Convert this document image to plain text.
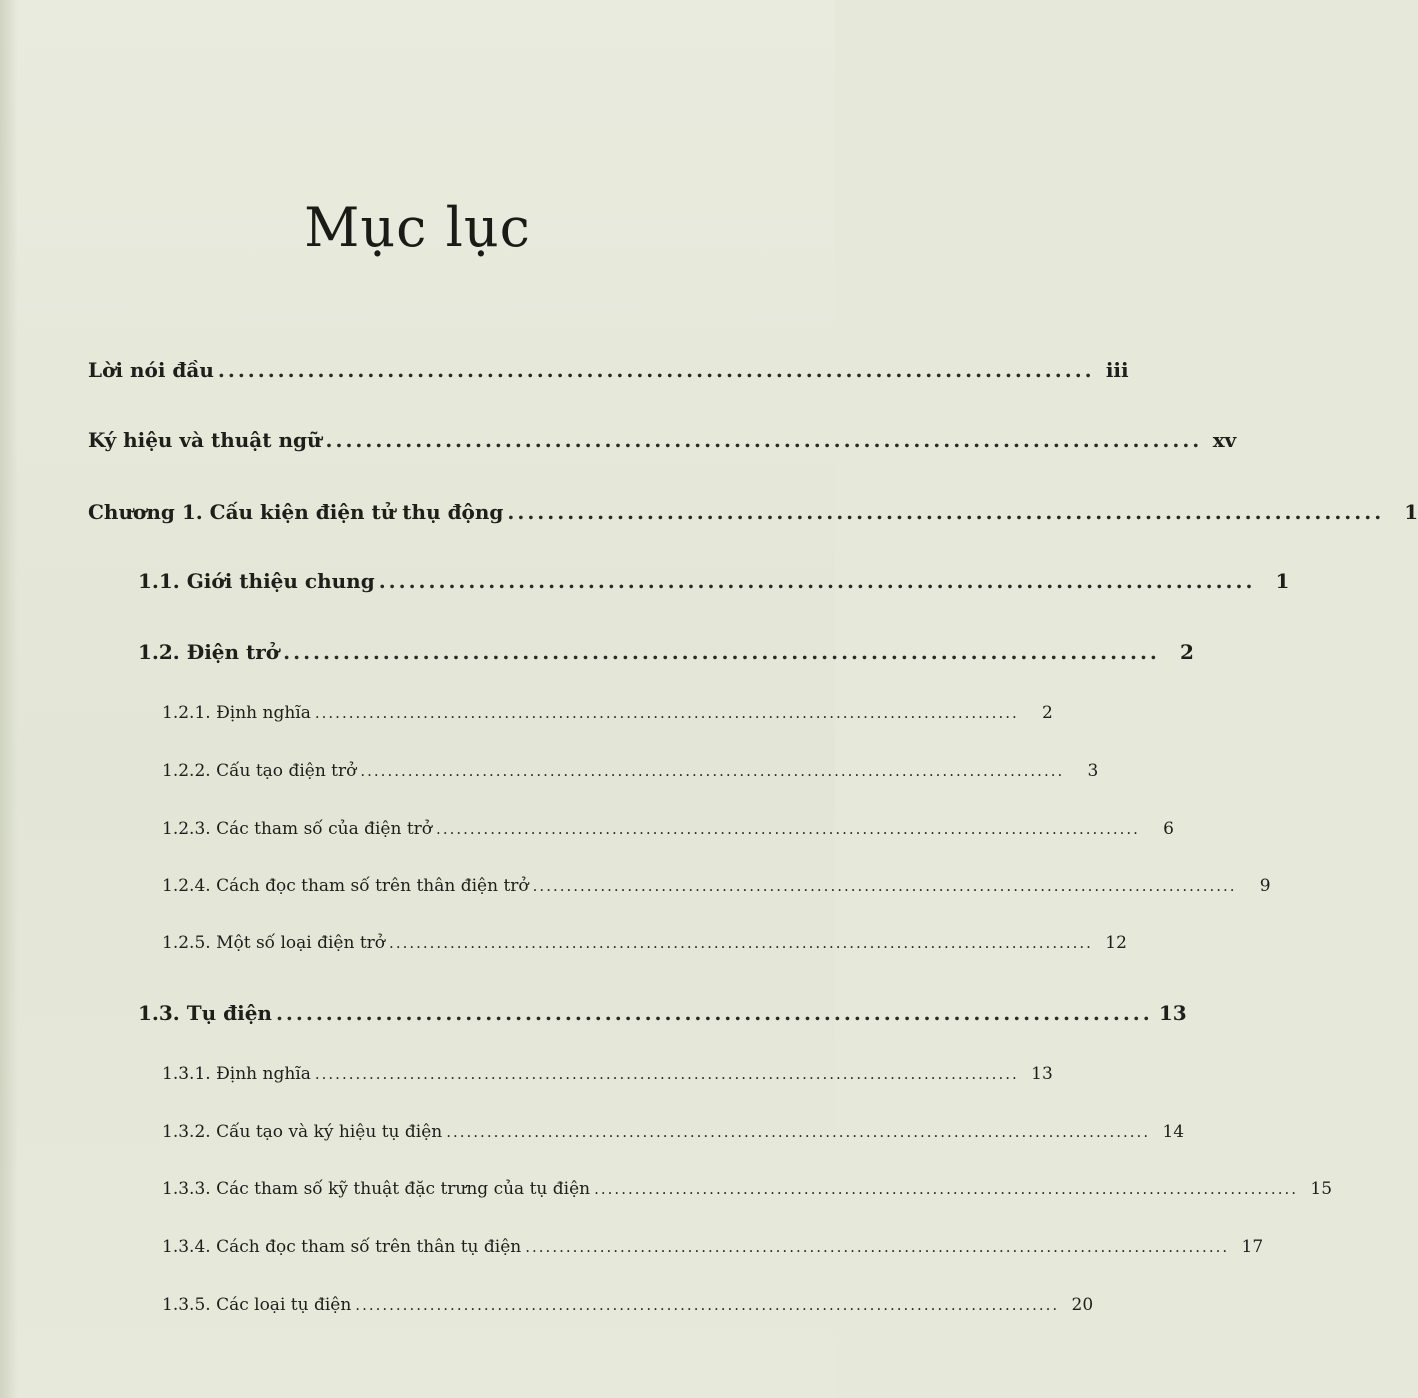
Mục lục
Lời nói đầu ........................................................................................ iii
Ký hiệu và thuật ngữ ........................................................................................ xv
Chương 1. Cấu kiện điện tử thụ động ........................................................................................	1
1.1. Giới thiệu chung ........................................................................................	1
1.2. Điện trở ........................................................................................	2
1.2.1. Định nghĩa ........................................................................................................	2
1.2.2. Cấu tạo điện trở ........................................................................................................	3
1.2.3. Các tham số của điện trở ........................................................................................................	6
1.2.4. Cách đọc tham số trên thân điện trở ........................................................................................................	9
1.2.5. Một số loại điện trở ........................................................................................................ 12
1.3. Tụ điện ........................................................................................ 13
1.3.1. Định nghĩa ........................................................................................................ 13
1.3.2. Cấu tạo và ký hiệu tụ điện ........................................................................................................ 14
1.3.3. Các tham số kỹ thuật đặc trưng của tụ điện ........................................................................................................ 15
1.3.4. Cách đọc tham số trên thân tụ điện ........................................................................................................ 17
1.3.5. Các loại tụ điện ........................................................................................................ 20
